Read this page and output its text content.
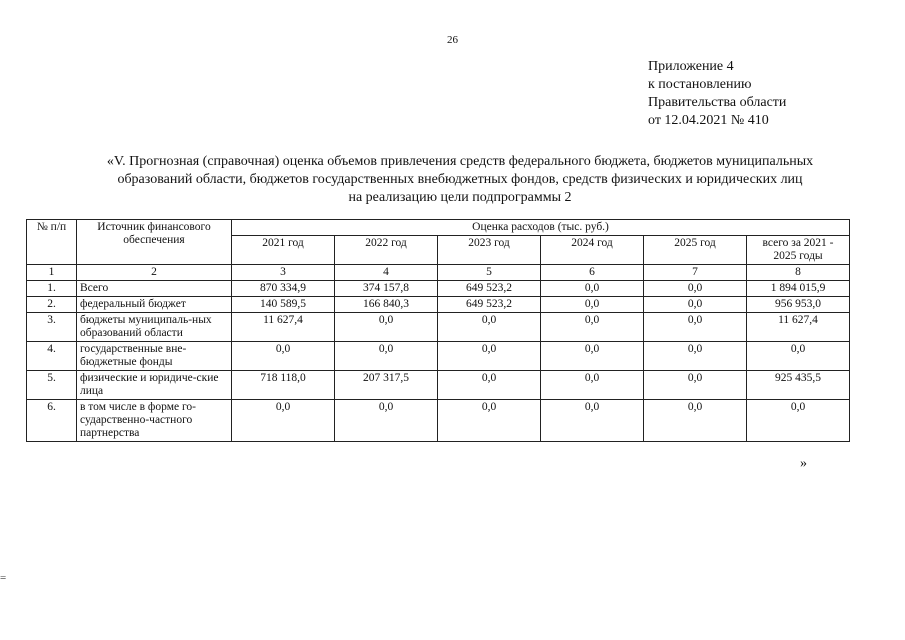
26
Приложение 4
к постановлению
Правительства области
от 12.04.2021 № 410
«V. Прогнозная (справочная) оценка объемов привлечения средств федерального бюджета, бюджетов муниципальных
образований области, бюджетов государственных внебюджетных фондов, средств физических и юридических лиц
на реализацию цели подпрограммы 2
№ п/п	Источник финансового обеспечения	Оценка расходов (тыс. руб.)					
		2021 год	2022 год	2023 год	2024 год	2025 год	всего за 2021 - 2025 годы
1	2	3	4	5	6	7	8
1.	Всего	870 334,9	374 157,8	649 523,2	0,0	0,0	1 894 015,9
2.	федеральный бюджет	140 589,5	166 840,3	649 523,2	0,0	0,0	956 953,0
3.	бюджеты муниципаль-ных образований области	11 627,4	0,0	0,0	0,0	0,0	11 627,4
4.	государственные вне-бюджетные фонды	0,0	0,0	0,0	0,0	0,0	0,0
5.	физические и юридиче-ские лица	718 118,0	207 317,5	0,0	0,0	0,0	925 435,5
6.	в том числе в форме го-сударственно-частного партнерства	0,0	0,0	0,0	0,0	0,0	0,0
»
=
